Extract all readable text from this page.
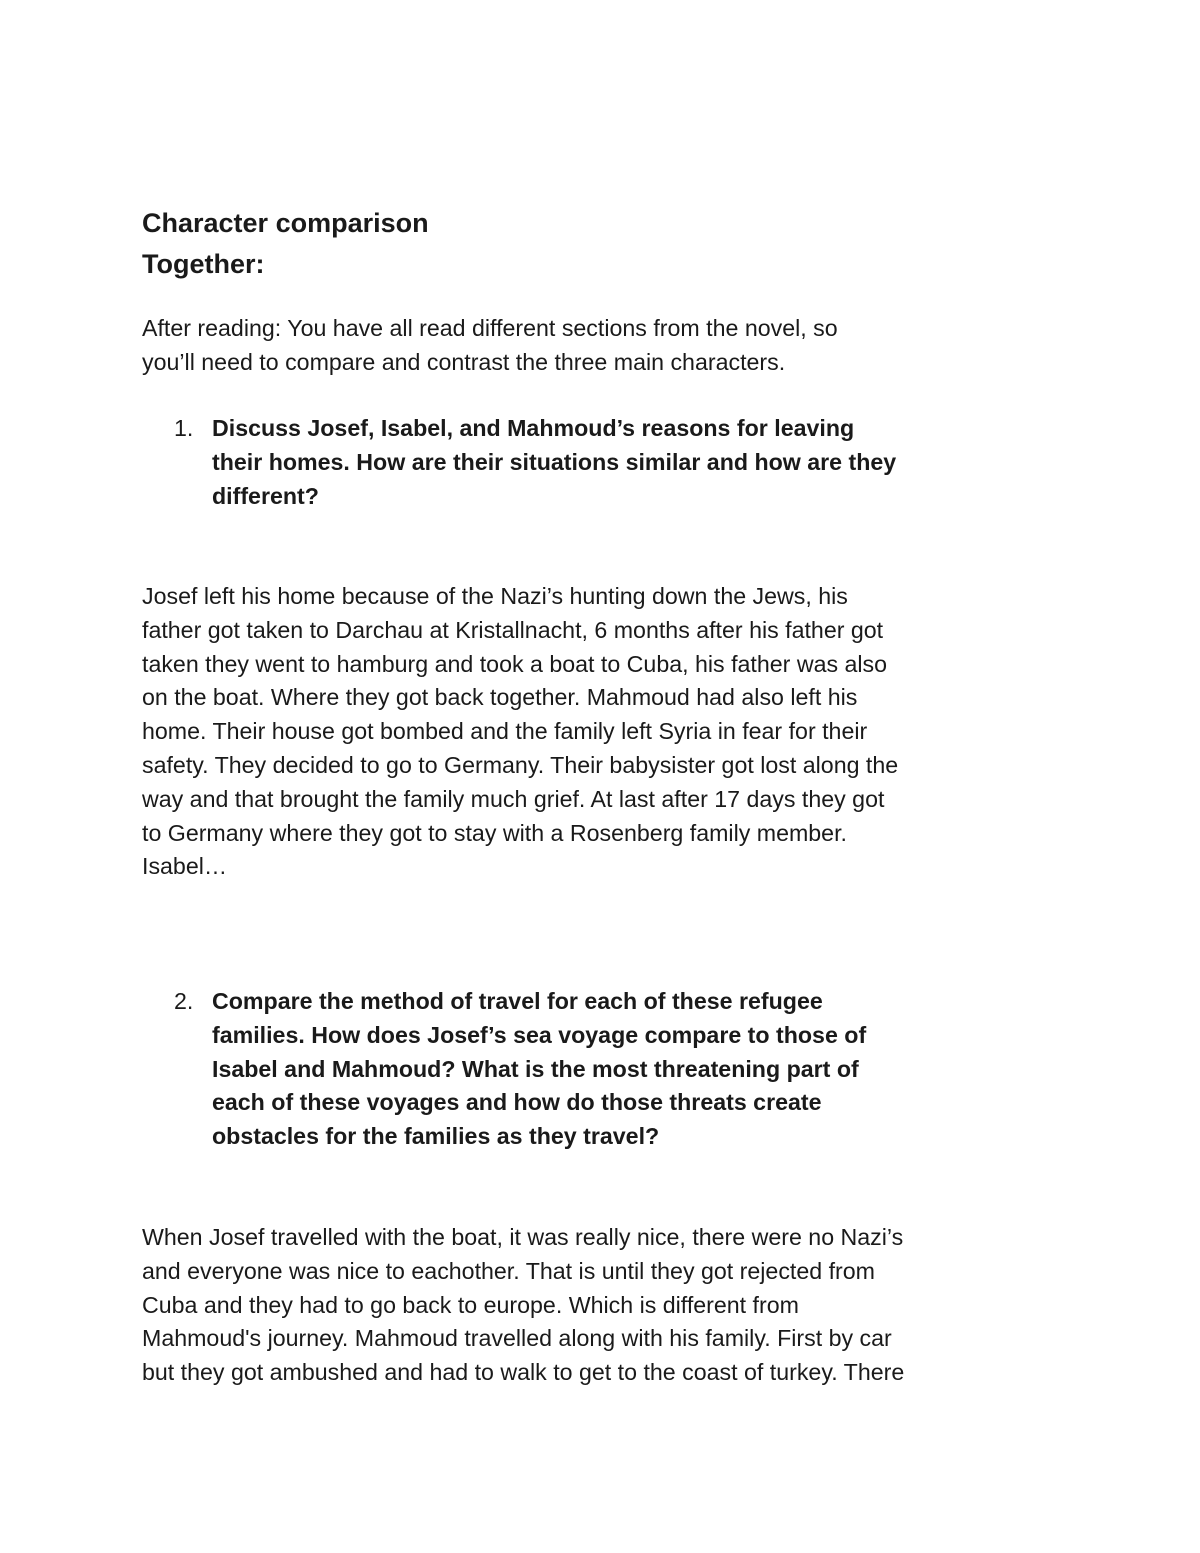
Character comparison
Together:

After reading: You have all read different sections from the novel, so
you’ll need to compare and contrast the three main characters.

1. Discuss Josef, Isabel, and Mahmoud’s reasons for leaving
their homes. How are their situations similar and how are they
different?

Josef left his home because of the Nazi’s hunting down the Jews, his
father got taken to Darchau at Kristallnacht, 6 months after his father got
taken they went to hamburg and took a boat to Cuba, his father was also
on the boat. Where they got back together. Mahmoud had also left his
home. Their house got bombed and the family left Syria in fear for their
safety. They decided to go to Germany. Their babysister got lost along the
way and that brought the family much grief. At last after 17 days they got
to Germany where they got to stay with a Rosenberg family member.
Isabel…

2. Compare the method of travel for each of these refugee
families. How does Josef’s sea voyage compare to those of
Isabel and Mahmoud? What is the most threatening part of
each of these voyages and how do those threats create
obstacles for the families as they travel?

When Josef travelled with the boat, it was really nice, there were no Nazi’s
and everyone was nice to eachother. That is until they got rejected from
Cuba and they had to go back to europe. Which is different from
Mahmoud's journey. Mahmoud travelled along with his family. First by car
but they got ambushed and had to walk to get to the coast of turkey. There
